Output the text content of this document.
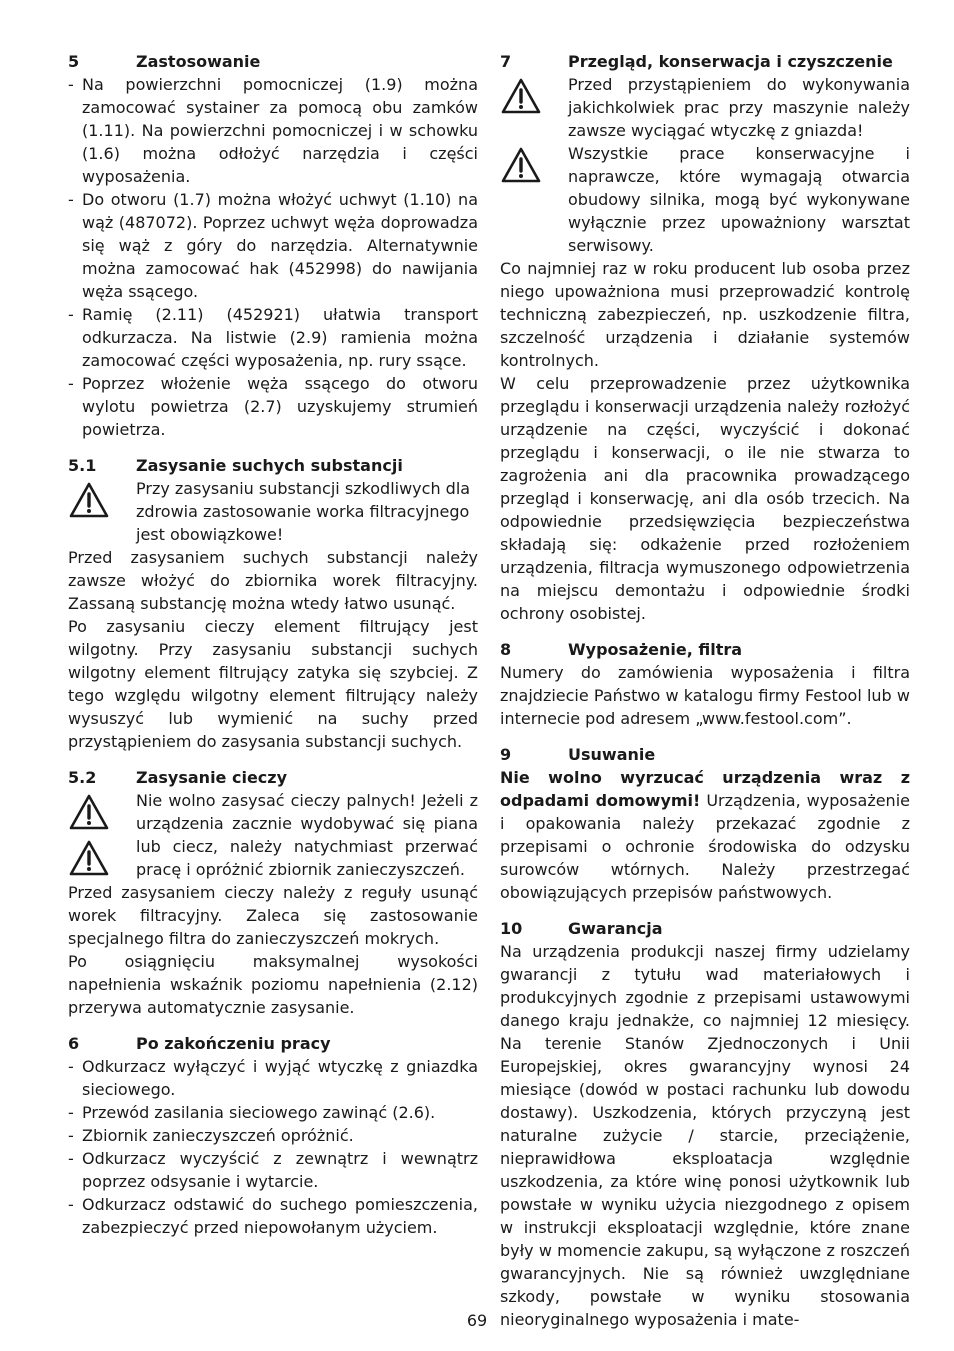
5	Zastosowanie
- Na powierzchni pomocniczej (1.9) można zamocować systainer za pomocą obu zamków (1.11). Na powierzchni pomocniczej i w schowku (1.6) można odłożyć narzędzia i części wyposażenia.
- Do otworu (1.7) można włożyć uchwyt (1.10) na wąż (487072). Poprzez uchwyt węża doprowadza się wąż z góry do narzędzia. Alternatywnie można zamocować hak (452998) do nawijania węża ssącego.
- Ramię (2.11) (452921) ułatwia transport odkurzacza. Na listwie (2.9) ramienia można zamocować części wyposażenia, np. rury ssące.
- Poprzez włożenie węża ssącego do otworu wylotu powietrza (2.7) uzyskujemy strumień powietrza.
5.1	Zasysanie suchych substancji

Przy zasysaniu substancji szkodliwych dla zdrowia zastosowanie worka filtracyjnego jest obowiązkowe!

Przed zasysaniem suchych substancji należy zawsze włożyć do zbiornika worek filtracyjny. Zassaną substancję można wtedy łatwo usunąć.

Po zasysaniu cieczy element filtrujący jest wilgotny. Przy zasysaniu substancji suchych wilgotny element filtrujący zatyka się szybciej. Z tego względu wilgotny element filtrujący należy wysuszyć lub wymienić na suchy przed przystąpieniem do zasysania substancji suchych.

5.2	Zasysanie cieczy

Nie wolno zasysać cieczy palnych! Jeżeli z urządzenia zacznie wydobywać się piana lub ciecz, należy natychmiast przerwać pracę i opróżnić zbiornik zanieczyszczeń.

Przed zasysaniem cieczy należy z reguły usunąć worek filtracyjny. Zaleca się zastosowanie specjalnego filtra do zanieczyszczeń mokrych.

Po osiągnięciu maksymalnej wysokości napełnienia wskaźnik poziomu napełnienia (2.12) przerywa automatycznie zasysanie.

6	Po zakończeniu pracy
- Odkurzacz wyłączyć i wyjąć wtyczkę z gniazdka sieciowego.
- Przewód zasilania sieciowego zawinąć (2.6).
- Zbiornik zanieczyszczeń opróżnić.
- Odkurzacz wyczyścić z zewnątrz i wewnątrz poprzez odsysanie i wytarcie.
- Odkurzacz odstawić do suchego pomieszczenia, zabezpieczyć przed niepowołanym użyciem.
7	Przegląd, konserwacja i czyszczenie

Przed przystąpieniem do wykonywania jakichkolwiek prac przy maszynie należy zawsze wyciągać wtyczkę z gniazda!

Wszystkie prace konserwacyjne i naprawcze, które wymagają otwarcia obudowy silnika, mogą być wykonywane wyłącznie przez upoważniony warsztat serwisowy.

Co najmniej raz w roku producent lub osoba przez niego upoważniona musi przeprowadzić kontrolę techniczną zabezpieczeń, np. uszkodzenie filtra, szczelność urządzenia i działanie systemów kontrolnych.

W celu przeprowadzenie przez użytkownika przeglądu i konserwacji urządzenia należy rozłożyć urządzenie na części, wyczyścić i dokonać przeglądu i konserwacji, o ile nie stwarza to zagrożenia ani dla pracownika prowadzącego przegląd i konserwację, ani dla osób trzecich. Na odpowiednie przedsięwzięcia bezpieczeństwa składają się: odkażenie przed rozłożeniem urządzenia, filtracja wymuszonego odpowietrzenia na miejscu demontażu i odpowiednie środki ochrony osobistej.

8	Wyposażenie, filtra

Numery do zamówienia wyposażenia i filtra znajdziecie Państwo w katalogu firmy Festool lub w internecie pod adresem „www.festool.com”.

9	Usuwanie

Nie wolno wyrzucać urządzenia wraz z odpadami domowymi! Urządzenia, wyposażenie i opakowania należy przekazać zgodnie z przepisami o ochronie środowiska do odzysku surowców wtórnych. Należy przestrzegać obowiązujących przepisów państwowych.

10	Gwarancja

Na urządzenia produkcji naszej firmy udzielamy gwarancji z tytułu wad materiałowych i produkcyjnych zgodnie z przepisami ustawowymi danego kraju jednakże, co najmniej 12 miesięcy. Na terenie Stanów Zjednoczonych i Unii Europejskiej, okres gwarancyjny wynosi 24 miesiące (dowód w postaci rachunku lub dowodu dostawy). Uszkodzenia, których przyczyną jest naturalne zużycie / starcie, przeciążenie, nieprawidłowa eksploatacja względnie uszkodzenia, za które winę ponosi użytkownik lub powstałe w wyniku użycia niezgodnego z opisem w instrukcji eksploatacji względnie, które znane były w momencie zakupu, są wyłączone z roszczeń gwarancyjnych. Nie są również uwzględniane szkody, powstałe w wyniku stosowania nieoryginalnego wyposażenia i mate-

69
